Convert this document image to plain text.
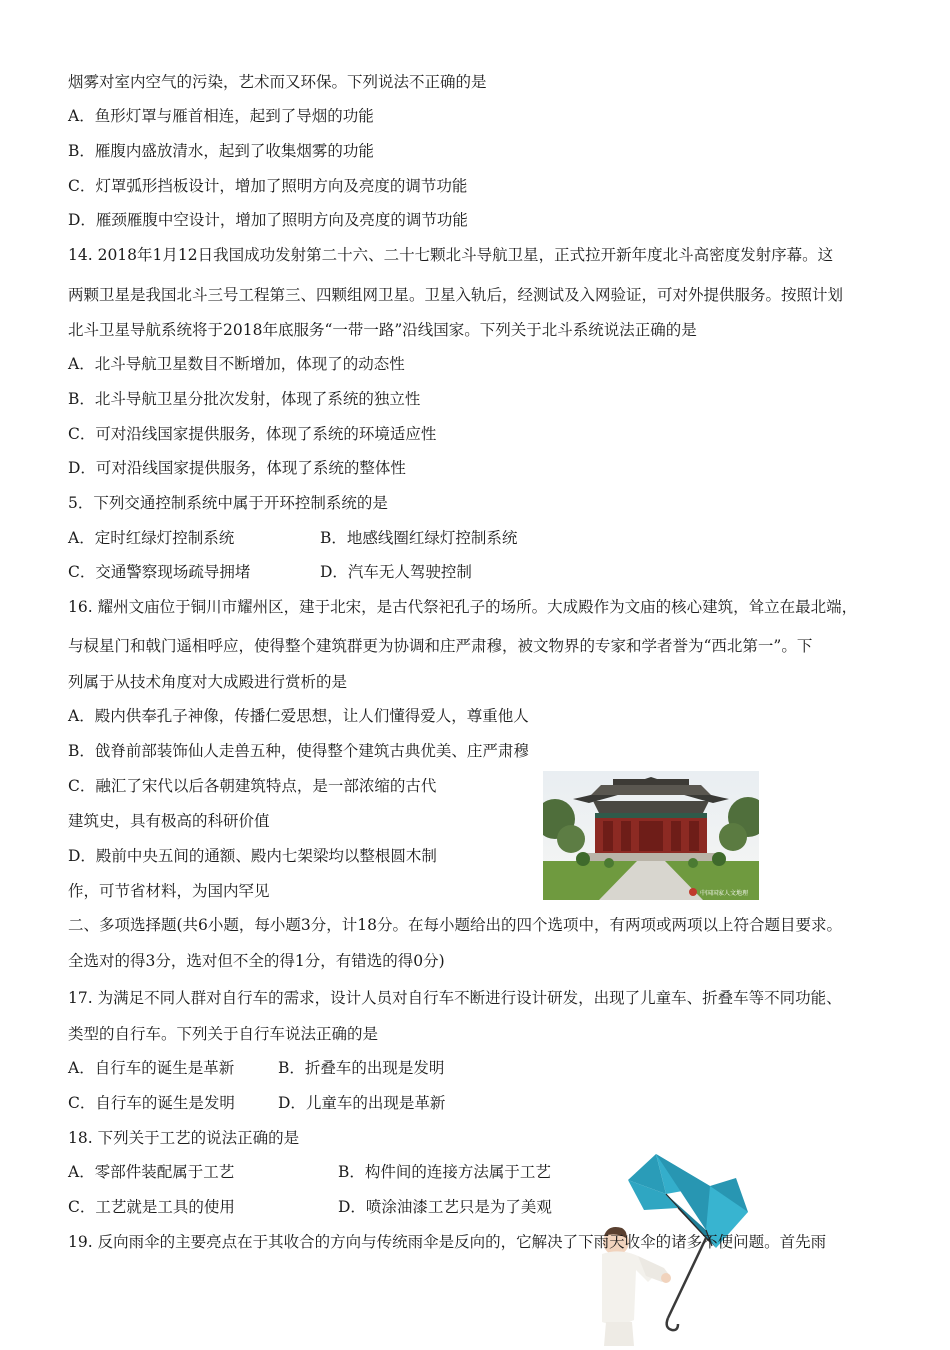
烟雾对室内空气的污染，艺术而又环保。下列说法不正确的是
A．鱼形灯罩与雁首相连，起到了导烟的功能
B．雁腹内盛放清水，起到了收集烟雾的功能
C．灯罩弧形挡板设计，增加了照明方向及亮度的调节功能
D．雁颈雁腹中空设计，增加了照明方向及亮度的调节功能
14. 2018年1月12日我国成功发射第二十六、二十七颗北斗导航卫星，正式拉开新年度北斗高密度发射序幕。这
两颗卫星是我国北斗三号工程第三、四颗组网卫星。卫星入轨后，经测试及入网验证，可对外提供服务。按照计划
北斗卫星导航系统将于2018年底服务“一带一路”沿线国家。下列关于北斗系统说法正确的是
A．北斗导航卫星数目不断增加，体现了的动态性
B．北斗导航卫星分批次发射，体现了系统的独立性
C．可对沿线国家提供服务，体现了系统的环境适应性
D．可对沿线国家提供服务，体现了系统的整体性
5．下列交通控制系统中属于开环控制系统的是
A．定时红绿灯控制系统	B．地感线圈红绿灯控制系统
C．交通警察现场疏导拥堵	D．汽车无人驾驶控制
16. 耀州文庙位于铜川市耀州区，建于北宋，是古代祭祀孔子的场所。大成殿作为文庙的核心建筑，耸立在最北端，
与棂星门和戟门遥相呼应，使得整个建筑群更为协调和庄严肃穆，被文物界的专家和学者誉为“西北第一”。下
列属于从技术角度对大成殿进行赏析的是
A．殿内供奉孔子神像，传播仁爱思想，让人们懂得爱人，尊重他人
B．戗脊前部装饰仙人走兽五种，使得整个建筑古典优美、庄严肃穆
C．融汇了宋代以后各朝建筑特点，是一部浓缩的古代
建筑史，具有极高的科研价值
D．殿前中央五间的通额、殿内七架梁均以整根圆木制
作，可节省材料，为国内罕见	中国国家人文地理
二、多项选择题(共6小题，每小题3分，计18分。在每小题给出的四个选项中，有两项或两项以上符合题目要求。
全选对的得3分，选对但不全的得1分，有错选的得0分)
17. 为满足不同人群对自行车的需求，设计人员对自行车不断进行设计研发，出现了儿童车、折叠车等不同功能、
类型的自行车。下列关于自行车说法正确的是
A．自行车的诞生是革新	B．折叠车的出现是发明
C．自行车的诞生是发明	D．儿童车的出现是革新
18. 下列关于工艺的说法正确的是
A．零部件装配属于工艺	B．构件间的连接方法属于工艺
C．工艺就是工具的使用	D．喷涂油漆工艺只是为了美观
19. 反向雨伞的主要亮点在于其收合的方向与传统雨伞是反向的，它解决了下雨天收伞的诸多不便问题。首先雨
